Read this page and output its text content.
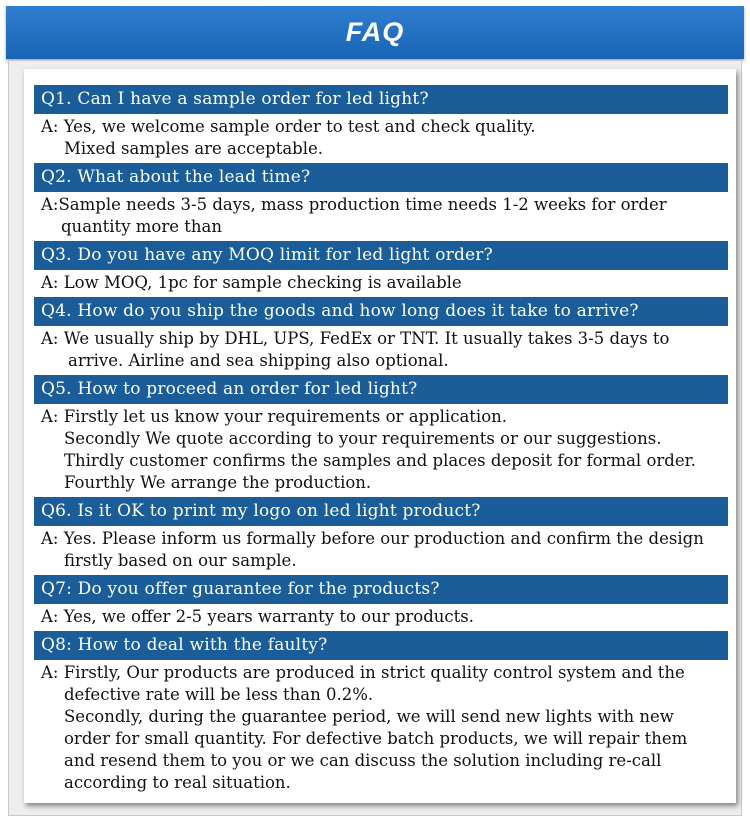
FAQ
Q1. Can I have a sample order for led light?
A: Yes, we welcome sample order to test and check quality.
Mixed samples are acceptable.
Q2. What about the lead time?
A:Sample needs 3-5 days, mass production time needs 1-2 weeks for order
quantity more than
Q3. Do you have any MOQ limit for led light order?
A: Low MOQ, 1pc for sample checking is available
Q4. How do you ship the goods and how long does it take to arrive?
A: We usually ship by DHL, UPS, FedEx or TNT. It usually takes 3-5 days to
arrive. Airline and sea shipping also optional.
Q5. How to proceed an order for led light?
A: Firstly let us know your requirements or application.
Secondly We quote according to your requirements or our suggestions.
Thirdly customer confirms the samples and places deposit for formal order.
Fourthly We arrange the production.
Q6. Is it OK to print my logo on led light product?
A: Yes. Please inform us formally before our production and confirm the design
firstly based on our sample.
Q7: Do you offer guarantee for the products?
A: Yes, we offer 2-5 years warranty to our products.
Q8: How to deal with the faulty?
A: Firstly, Our products are produced in strict quality control system and the
defective rate will be less than 0.2%.
Secondly, during the guarantee period, we will send new lights with new
order for small quantity. For defective batch products, we will repair them
and resend them to you or we can discuss the solution including re-call
according to real situation.
